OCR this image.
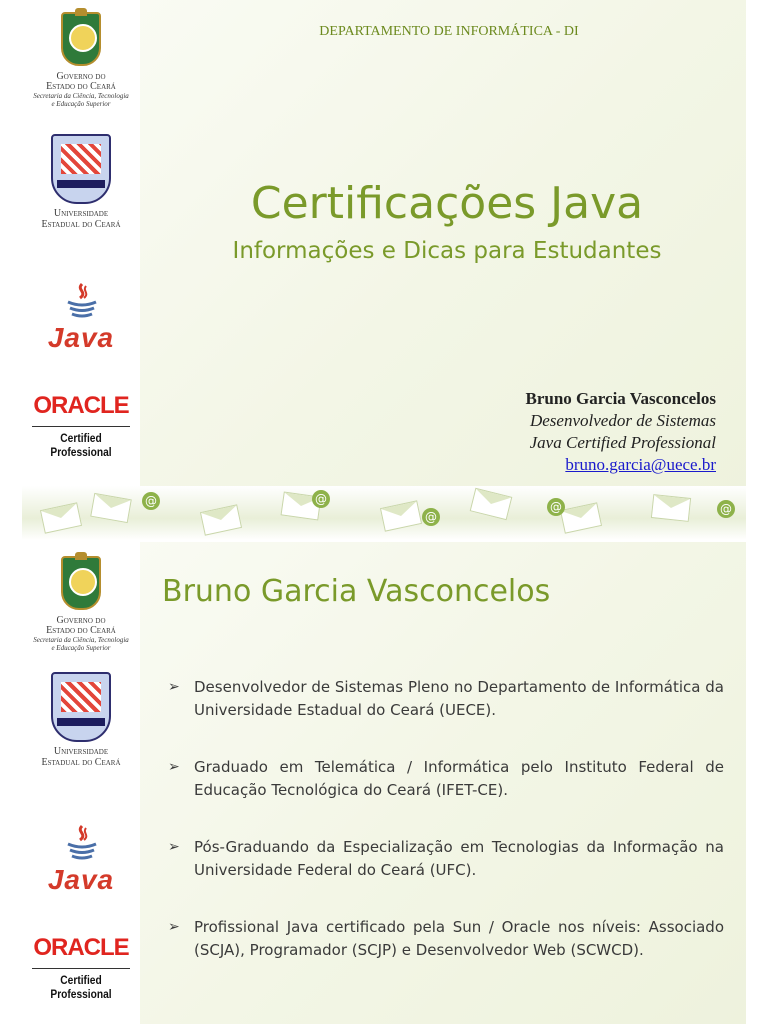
Governo do
Estado do Ceará
Secretaria da Ciência, Tecnologia
e Educação Superior
Universidade
Estadual do Ceará
Java
ORACLE
Certified Professional
DEPARTAMENTO DE INFORMÁTICA - DI
Certificações Java
Informações e Dicas para Estudantes
Bruno Garcia Vasconcelos
Desenvolvedor de Sistemas
Java Certified Professional
bruno.garcia@uece.br
@	@
@
@	@
Governo do
Estado do Ceará
Secretaria da Ciência, Tecnologia
e Educação Superior
Universidade
Estadual do Ceará
Java
ORACLE
Certified Professional
Bruno Garcia Vasconcelos
➢ Desenvolvedor de Sistemas Pleno no Departamento de Informática da Universidade Estadual do Ceará (UECE).
➢ Graduado em Telemática / Informática pelo Instituto Federal de Educação Tecnológica do Ceará (IFET-CE).
➢ Pós-Graduando da Especialização em Tecnologias da Informação na Universidade Federal do Ceará (UFC).
➢ Profissional Java certificado pela Sun / Oracle nos níveis: Associado (SCJA), Programador (SCJP) e Desenvolvedor Web (SCWCD).
